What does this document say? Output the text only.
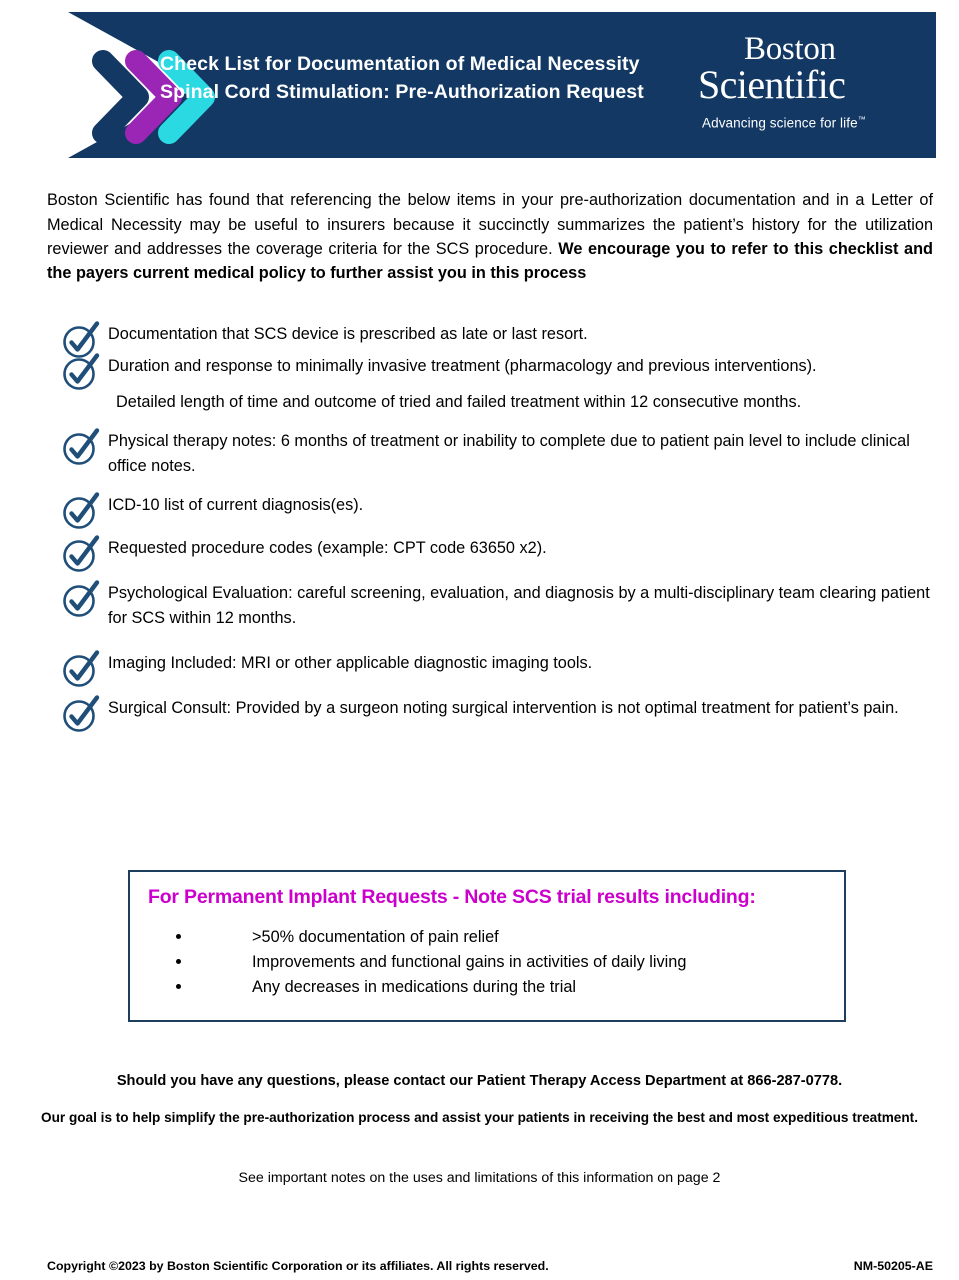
Check List for Documentation of Medical Necessity
Spinal Cord Stimulation: Pre-Authorization Request
Boston
Scientific
Advancing science for life™

Boston Scientific has found that referencing the below items in your pre-authorization documentation and in a Letter of Medical Necessity may be useful to insurers because it succinctly summarizes the patient’s history for the utilization reviewer and addresses the coverage criteria for the SCS procedure. We encourage you to refer to this checklist and the payers current medical policy to further assist you in this process

Documentation that SCS device is prescribed as late or last resort.
Duration and response to minimally invasive treatment (pharmacology and previous interventions).
Detailed length of time and outcome of tried and failed treatment within 12 consecutive months.
Physical therapy notes: 6 months of treatment or inability to complete due to patient pain level to include clinical office notes.
ICD-10 list of current diagnosis(es).
Requested procedure codes (example: CPT code 63650 x2).
Psychological Evaluation: careful screening, evaluation, and diagnosis by a multi-disciplinary team clearing patient for SCS within 12 months.
Imaging Included: MRI or other applicable diagnostic imaging tools.
Surgical Consult: Provided by a surgeon noting surgical intervention is not optimal treatment for patient’s pain.
For Permanent Implant Requests - Note SCS trial results including:
>50% documentation of pain relief
Improvements and functional gains in activities of daily living
Any decreases in medications during the trial
Should you have any questions, please contact our Patient Therapy Access Department at 866-287-0778.
Our goal is to help simplify the pre-authorization process and assist your patients in receiving the best and most expeditious treatment.
See important notes on the uses and limitations of this information on page 2
Copyright ©2023 by Boston Scientific Corporation or its affiliates. All rights reserved.	NM-50205-AE
